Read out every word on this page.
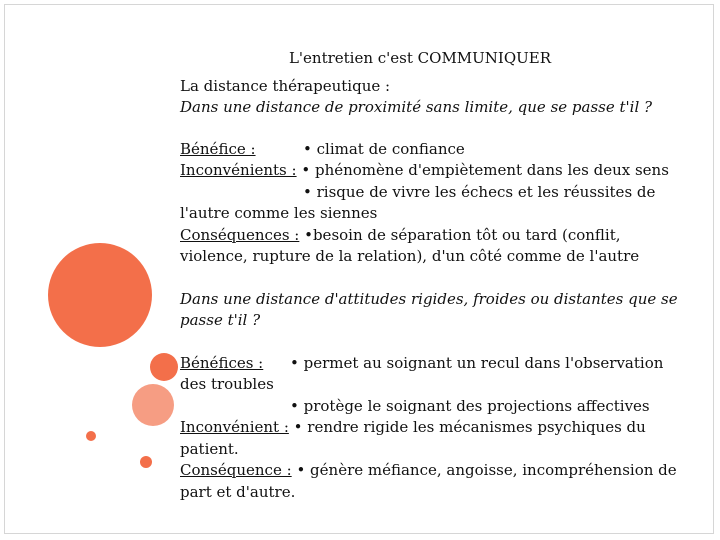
L'entretien c'est COMMUNIQUER
La distance thérapeutique :
Dans une distance de proximité sans limite, que se passe t'il ?
Bénéfice :	• climat de confiance
Inconvénients : • phénomène d'empiètement dans les deux sens
• risque de vivre les échecs et les réussites de
l'autre comme les siennes
Conséquences : •besoin de séparation tôt ou tard (conflit,
violence, rupture de la relation), d'un côté comme de l'autre
Dans une distance d'attitudes rigides, froides ou distantes que se
passe t'il ?
Bénéfices : • permet au soignant un recul dans l'observation
des troubles
• protège le soignant des projections affectives
Inconvénient : • rendre rigide les mécanismes psychiques du
patient.
Conséquence : • génère méfiance, angoisse, incompréhension de
part et d'autre.
